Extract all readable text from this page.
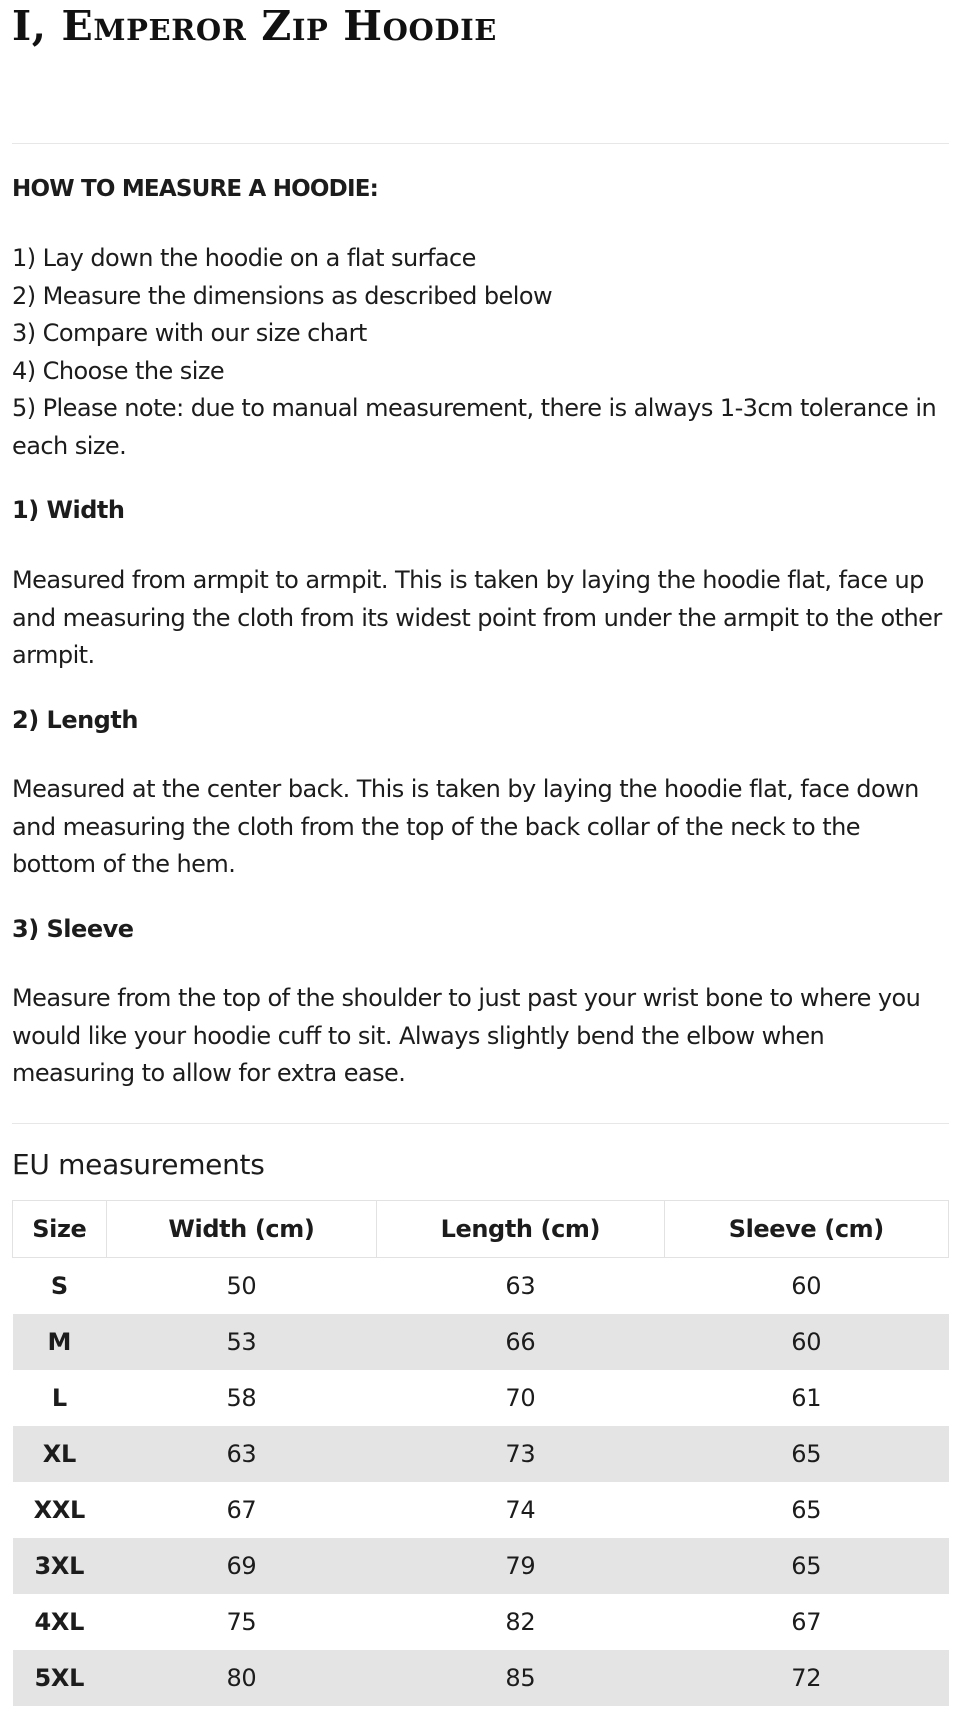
I, Emperor Zip Hoodie
HOW TO MEASURE A HOODIE:
1) Lay down the hoodie on a flat surface
2) Measure the dimensions as described below
3) Compare with our size chart
4) Choose the size
5) Please note: due to manual measurement, there is always 1-3cm tolerance in each size.
1) Width

Measured from armpit to armpit. This is taken by laying the hoodie flat, face up and measuring the cloth from its widest point from under the armpit to the other armpit.

2) Length

Measured at the center back. This is taken by laying the hoodie flat, face down and measuring the cloth from the top of the back collar of the neck to the bottom of the hem.

3) Sleeve

Measure from the top of the shoulder to just past your wrist bone to where you would like your hoodie cuff to sit. Always slightly bend the elbow when measuring to allow for extra ease.

EU measurements
Size	Width (cm)	Length (cm)	Sleeve (cm)
S	50	63	60
M	53	66	60
L	58	70	61
XL	63	73	65
XXL	67	74	65
3XL	69	79	65
4XL	75	82	67
5XL	80	85	72
